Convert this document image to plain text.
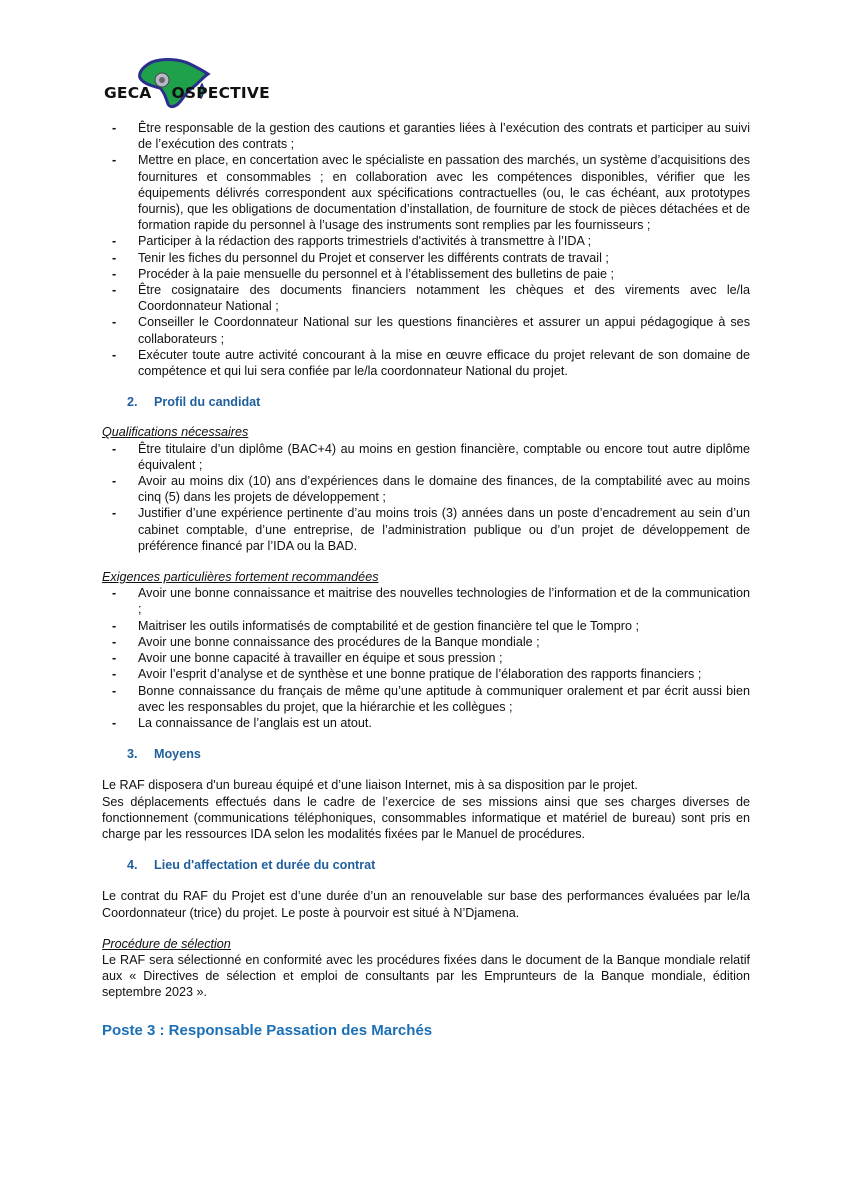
GECA OSPECTIVE
- Être responsable de la gestion des cautions et garanties liées à l’exécution des contrats et participer au suivi de l’exécution des contrats ;
- Mettre en place, en concertation avec le spécialiste en passation des marchés, un système d’acquisitions des fournitures et consommables ; en collaboration avec les compétences disponibles, vérifier que les équipements délivrés correspondent aux spécifications contractuelles (ou, le cas échéant, aux prototypes fournis), que les obligations de documentation d’installation, de fourniture de stock de pièces détachées et de formation rapide du personnel à l’usage des instruments sont remplies par les fournisseurs ;
- Participer à la rédaction des rapports trimestriels d'activités à transmettre à l’IDA ;
- Tenir les fiches du personnel du Projet et conserver les différents contrats de travail ;
- Procéder à la paie mensuelle du personnel et à l’établissement des bulletins de paie ;
- Être cosignataire des documents financiers notamment les chèques et des virements avec le/la Coordonnateur National ;
- Conseiller le Coordonnateur National sur les questions financières et assurer un appui pédagogique à ses collaborateurs ;
- Exécuter toute autre activité concourant à la mise en œuvre efficace du projet relevant de son domaine de compétence et qui lui sera confiée par le/la coordonnateur National du projet.

2. Profil du candidat

Qualifications nécessaires

- Être titulaire d’un diplôme (BAC+4) au moins en gestion financière, comptable ou encore tout autre diplôme équivalent ;
- Avoir au moins dix (10) ans d’expériences dans le domaine des finances, de la comptabilité avec au moins cinq (5) dans les projets de développement ;
- Justifier d’une expérience pertinente d’au moins trois (3) années dans un poste d’encadrement au sein d’un cabinet comptable, d’une entreprise, de l’administration publique ou d’un projet de développement de préférence financé par l’IDA ou la BAD.

Exigences particulières fortement recommandées

- Avoir une bonne connaissance et maitrise des nouvelles technologies de l’information et de la communication ;
- Maitriser les outils informatisés de comptabilité et de gestion financière tel que le Tompro ;
- Avoir une bonne connaissance des procédures de la Banque mondiale ;
- Avoir une bonne capacité à travailler en équipe et sous pression ;
- Avoir l’esprit d’analyse et de synthèse et une bonne pratique de l’élaboration des rapports financiers ;
- Bonne connaissance du français de même qu’une aptitude à communiquer oralement et par écrit aussi bien avec les responsables du projet, que la hiérarchie et les collègues ;
- La connaissance de l’anglais est un atout.

3. Moyens

Le RAF disposera d'un bureau équipé et d’une liaison Internet, mis à sa disposition par le projet.

Ses déplacements effectués dans le cadre de l’exercice de ses missions ainsi que ses charges diverses de fonctionnement (communications téléphoniques, consommables informatique et matériel de bureau) sont pris en charge par les ressources IDA selon les modalités fixées par le Manuel de procédures.

4. Lieu d'affectation et durée du contrat

Le contrat du RAF du Projet est d’une durée d’un an renouvelable sur base des performances évaluées par le/la Coordonnateur (trice) du projet. Le poste à pourvoir est situé à N’Djamena.

Procédure de sélection

Le RAF sera sélectionné en conformité avec les procédures fixées dans le document de la Banque mondiale relatif aux « Directives de sélection et emploi de consultants par les Emprunteurs de la Banque mondiale, édition septembre 2023 ».

Poste 3 : Responsable Passation des Marchés
